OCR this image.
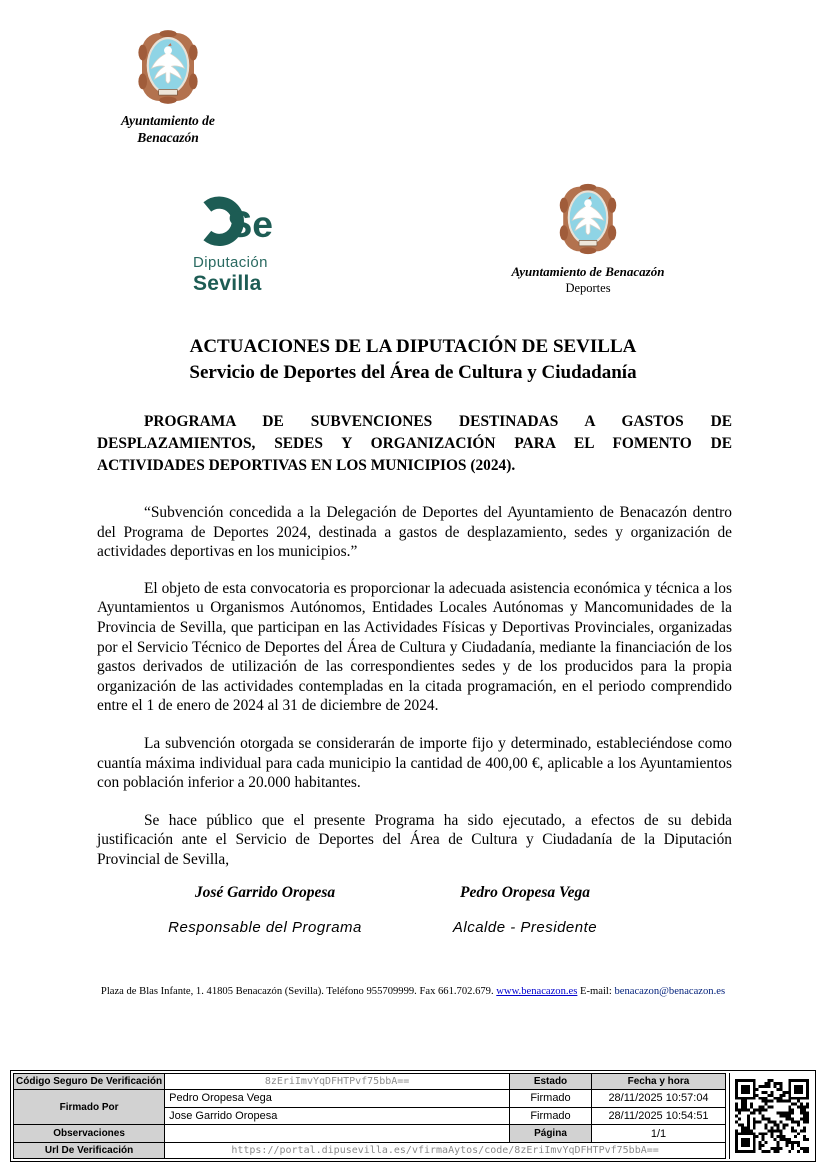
Ayuntamiento de
Benacazón
Se
Diputación
Sevilla
Ayuntamiento de Benacazón
Deportes
ACTUACIONES DE LA DIPUTACIÓN DE SEVILLA
Servicio de Deportes del Área de Cultura y Ciudadanía

PROGRAMA DE SUBVENCIONES DESTINADAS A GASTOS DE DESPLAZAMIENTOS, SEDES Y ORGANIZACIÓN PARA EL FOMENTO DE ACTIVIDADES DEPORTIVAS EN LOS MUNICIPIOS (2024).

“Subvención concedida a la Delegación de Deportes del Ayuntamiento de Benacazón dentro del Programa de Deportes 2024, destinada a gastos de desplazamiento, sedes y organización de actividades deportivas en los municipios.”

El objeto de esta convocatoria es proporcionar la adecuada asistencia económica y técnica a los Ayuntamientos u Organismos Autónomos, Entidades Locales Autónomas y Mancomunidades de la Provincia de Sevilla, que participan en las Actividades Físicas y Deportivas Provinciales, organizadas por el Servicio Técnico de Deportes del Área de Cultura y Ciudadanía, mediante la financiación de los gastos derivados de utilización de las correspondientes sedes y de los producidos para la propia organización de las actividades contempladas en la citada programación, en el periodo comprendido entre el 1 de enero de 2024 al 31 de diciembre de 2024.

La subvención otorgada se considerarán de importe fijo y determinado, estableciéndose como cuantía máxima individual para cada municipio la cantidad de 400,00 €, aplicable a los Ayuntamientos con población inferior a 20.000 habitantes.

Se hace público que el presente Programa ha sido ejecutado, a efectos de su debida justificación ante el Servicio de Deportes del Área de Cultura y Ciudadanía de la Diputación Provincial de Sevilla,

José Garrido Oropesa
Responsable del Programa
Pedro Oropesa Vega
Alcalde - Presidente
Plaza de Blas Infante, 1. 41805 Benacazón (Sevilla). Teléfono 955709999. Fax 661.702.679. www.benacazon.es E-mail: benacazon@benacazon.es
Código Seguro De Verificación	8zEriImvYqDFHTPvf75bbA==	Estado	Fecha y hora
Firmado Por	Pedro Oropesa Vega	Firmado	28/11/2025 10:57:04
	Jose Garrido Oropesa	Firmado	28/11/2025 10:54:51
Observaciones		Página	1/1
Url De Verificación	https://portal.dipusevilla.es/vfirmaAytos/code/8zEriImvYqDFHTPvf75bbA==		
